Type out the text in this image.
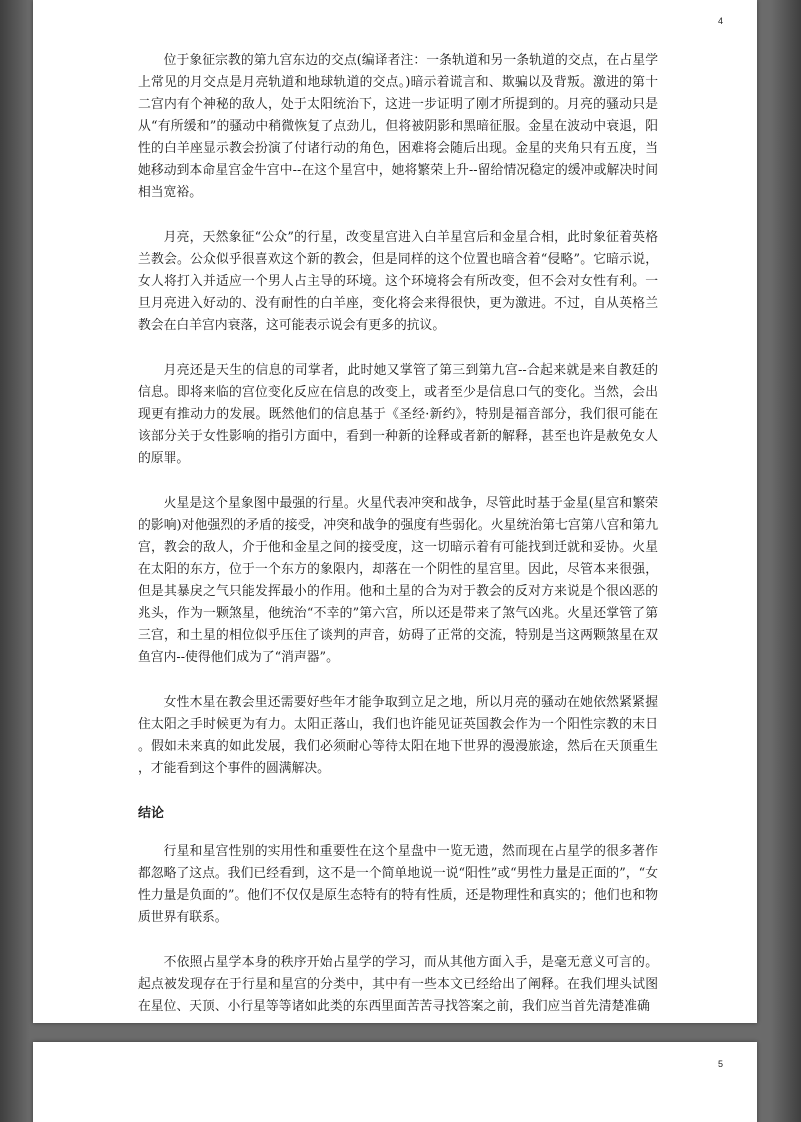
4

位于象征宗教的第九宫东边的交点(编译者注：一条轨道和另一条轨道的交点，在占星学上常见的月交点是月亮轨道和地球轨道的交点。)暗示着谎言和、欺骗以及背叛。激进的第十二宫内有个神秘的敌人，处于太阳统治下，这进一步证明了刚才所提到的。月亮的骚动只是从“有所缓和”的骚动中稍微恢复了点劲儿，但将被阴影和黑暗征服。金星在波动中衰退，阳性的白羊座显示教会扮演了付诸行动的角色，困难将会随后出现。金星的夹角只有五度，当她移动到本命星宫金牛宫中--在这个星宫中，她将繁荣上升--留给情况稳定的缓冲或解决时间相当宽裕。

月亮，天然象征“公众”的行星，改变星宫进入白羊星宫后和金星合相，此时象征着英格兰教会。公众似乎很喜欢这个新的教会，但是同样的这个位置也暗含着“侵略”。它暗示说，女人将打入并适应一个男人占主导的环境。这个环境将会有所改变，但不会对女性有利。一旦月亮进入好动的、没有耐性的白羊座，变化将会来得很快，更为激进。不过，自从英格兰教会在白羊宫内衰落，这可能表示说会有更多的抗议。

月亮还是天生的信息的司掌者，此时她又掌管了第三到第九宫--合起来就是来自教廷的信息。即将来临的宫位变化反应在信息的改变上，或者至少是信息口气的变化。当然，会出现更有推动力的发展。既然他们的信息基于《圣经·新约》，特别是福音部分，我们很可能在该部分关于女性影响的指引方面中，看到一种新的诠释或者新的解释，甚至也许是赦免女人的原罪。

火星是这个星象图中最强的行星。火星代表冲突和战争，尽管此时基于金星(星宫和繁荣的影响)对他强烈的矛盾的接受，冲突和战争的强度有些弱化。火星统治第七宫第八宫和第九宫，教会的敌人，介于他和金星之间的接受度，这一切暗示着有可能找到迁就和妥协。火星在太阳的东方，位于一个东方的象限内，却落在一个阴性的星宫里。因此，尽管本来很强，但是其暴戾之气只能发挥最小的作用。他和土星的合为对于教会的反对方来说是个很凶恶的兆头，作为一颗煞星，他统治“不幸的”第六宫，所以还是带来了煞气凶兆。火星还掌管了第三宫，和土星的相位似乎压住了谈判的声音，妨碍了正常的交流，特别是当这两颗煞星在双鱼宫内--使得他们成为了“消声器”。

女性木星在教会里还需要好些年才能争取到立足之地，所以月亮的骚动在她依然紧紧握住太阳之手时候更为有力。太阳正落山，我们也许能见证英国教会作为一个阳性宗教的末日。假如未来真的如此发展，我们必须耐心等待太阳在地下世界的漫漫旅途，然后在天顶重生，才能看到这个事件的圆满解决。

结论

行星和星宫性别的实用性和重要性在这个星盘中一览无遗，然而现在占星学的很多著作都忽略了这点。我们已经看到，这不是一个简单地说一说“阳性”或“男性力量是正面的”，“女性力量是负面的”。他们不仅仅是原生态特有的特有性质，还是物理性和真实的；他们也和物质世界有联系。

不依照占星学本身的秩序开始占星学的学习，而从其他方面入手，是毫无意义可言的。起点被发现存在于行星和星宫的分类中，其中有一些本文已经给出了阐释。在我们埋头试图在星位、天顶、小行星等等诸如此类的东西里面苦苦寻找答案之前，我们应当首先清楚准确

5
